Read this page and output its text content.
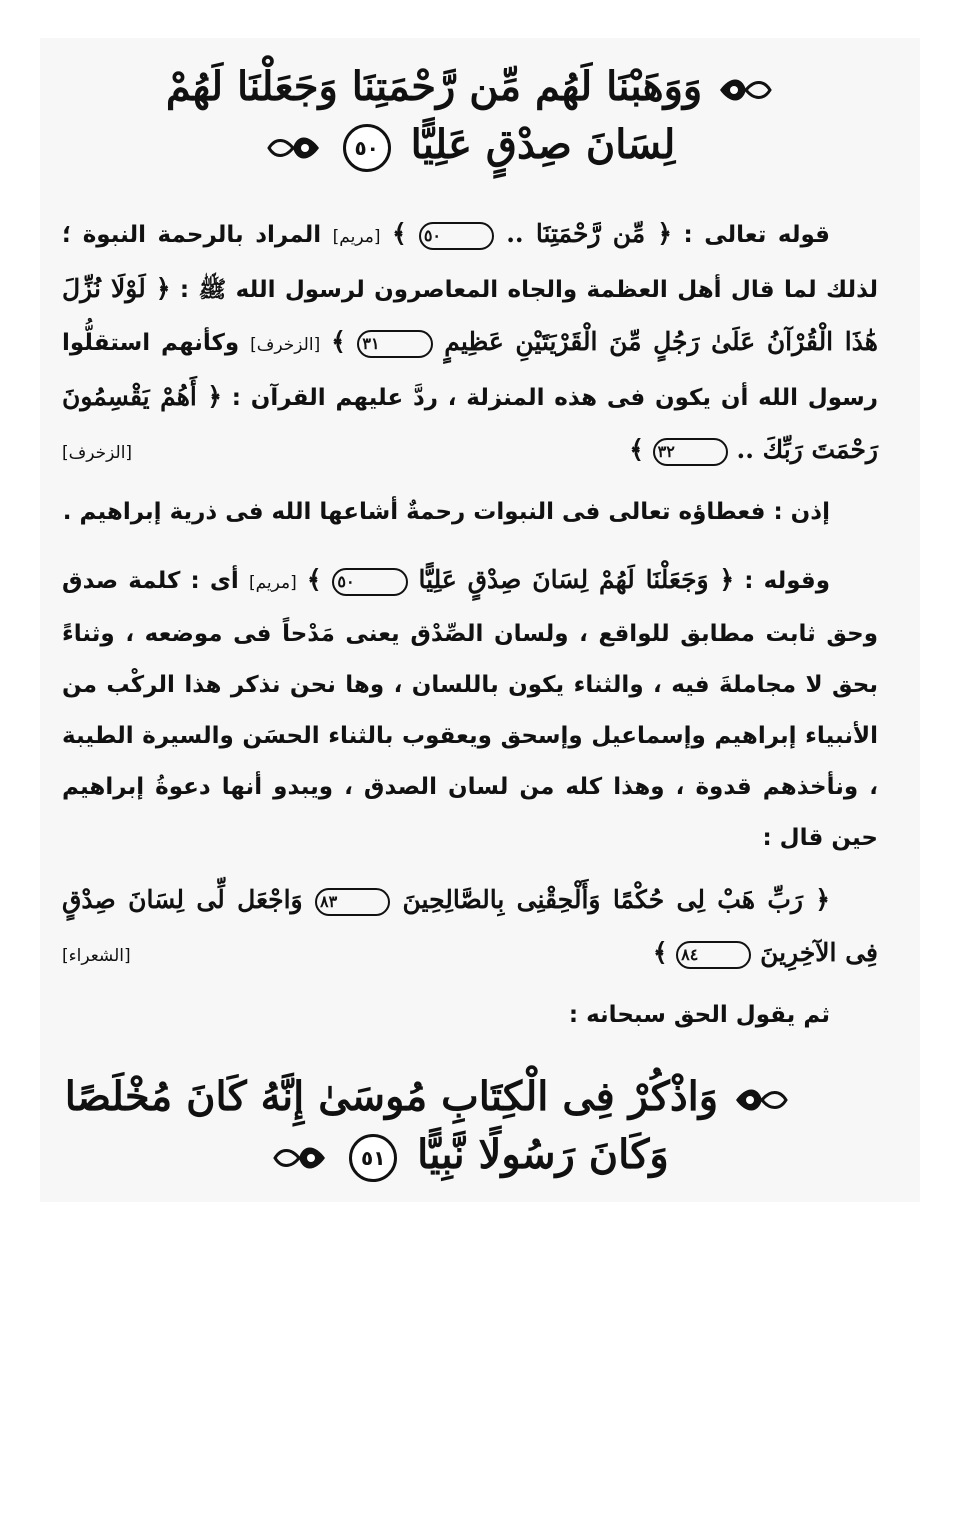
وَوَهَبْنَا لَهُم مِّن رَّحْمَتِنَا وَجَعَلْنَا لَهُمْ
لِسَانَ صِدْقٍ عَلِيًّا ٥٠

قوله تعالى : ﴿ مِّن رَّحْمَتِنَا .. ٥٠ ﴾ [مريم] المراد بالرحمة النبوة ؛ لذلك لما قال أهل العظمة والجاه المعاصرون لرسول الله ﷺ : ﴿ لَوْلَا نُزِّلَ هَٰذَا الْقُرْآنُ عَلَىٰ رَجُلٍ مِّنَ الْقَرْيَتَيْنِ عَظِيمٍ ٣١ ﴾ [الزخرف] وكأنهم استقلُّوا رسول الله أن يكون فى هذه المنزلة ، ردَّ عليهم القرآن : ﴿ أَهُمْ يَقْسِمُونَ رَحْمَتَ رَبِّكَ .. ٣٢ ﴾
[الزخرف]

إذن : فعطاؤه تعالى فى النبوات رحمةٌ أشاعها الله فى ذرية إبراهيم .

وقوله : ﴿ وَجَعَلْنَا لَهُمْ لِسَانَ صِدْقٍ عَلِيًّا ٥٠ ﴾ [مريم] أى : كلمة صدق وحق ثابت مطابق للواقع ، ولسان الصِّدْق يعنى مَدْحاً فى موضعه ، وثناءً بحق لا مجاملةَ فيه ، والثناء يكون باللسان ، وها نحن نذكر هذا الركْب من الأنبياء إبراهيم وإسماعيل وإسحق ويعقوب بالثناء الحسَن والسيرة الطيبة ، ونأخذهم قدوة ، وهذا كله من لسان الصدق ، ويبدو أنها دعوةُ إبراهيم حين قال :

﴿ رَبِّ هَبْ لِى حُكْمًا وَأَلْحِقْنِى بِالصَّالِحِينَ ٨٣ وَاجْعَل لِّى لِسَانَ صِدْقٍ فِى الآخِرِينَ ٨٤ ﴾
[الشعراء]

ثم يقول الحق سبحانه :

وَاذْكُرْ فِى الْكِتَابِ مُوسَىٰ إِنَّهُ كَانَ مُخْلَصًا
وَكَانَ رَسُولًا نَّبِيًّا ٥١
